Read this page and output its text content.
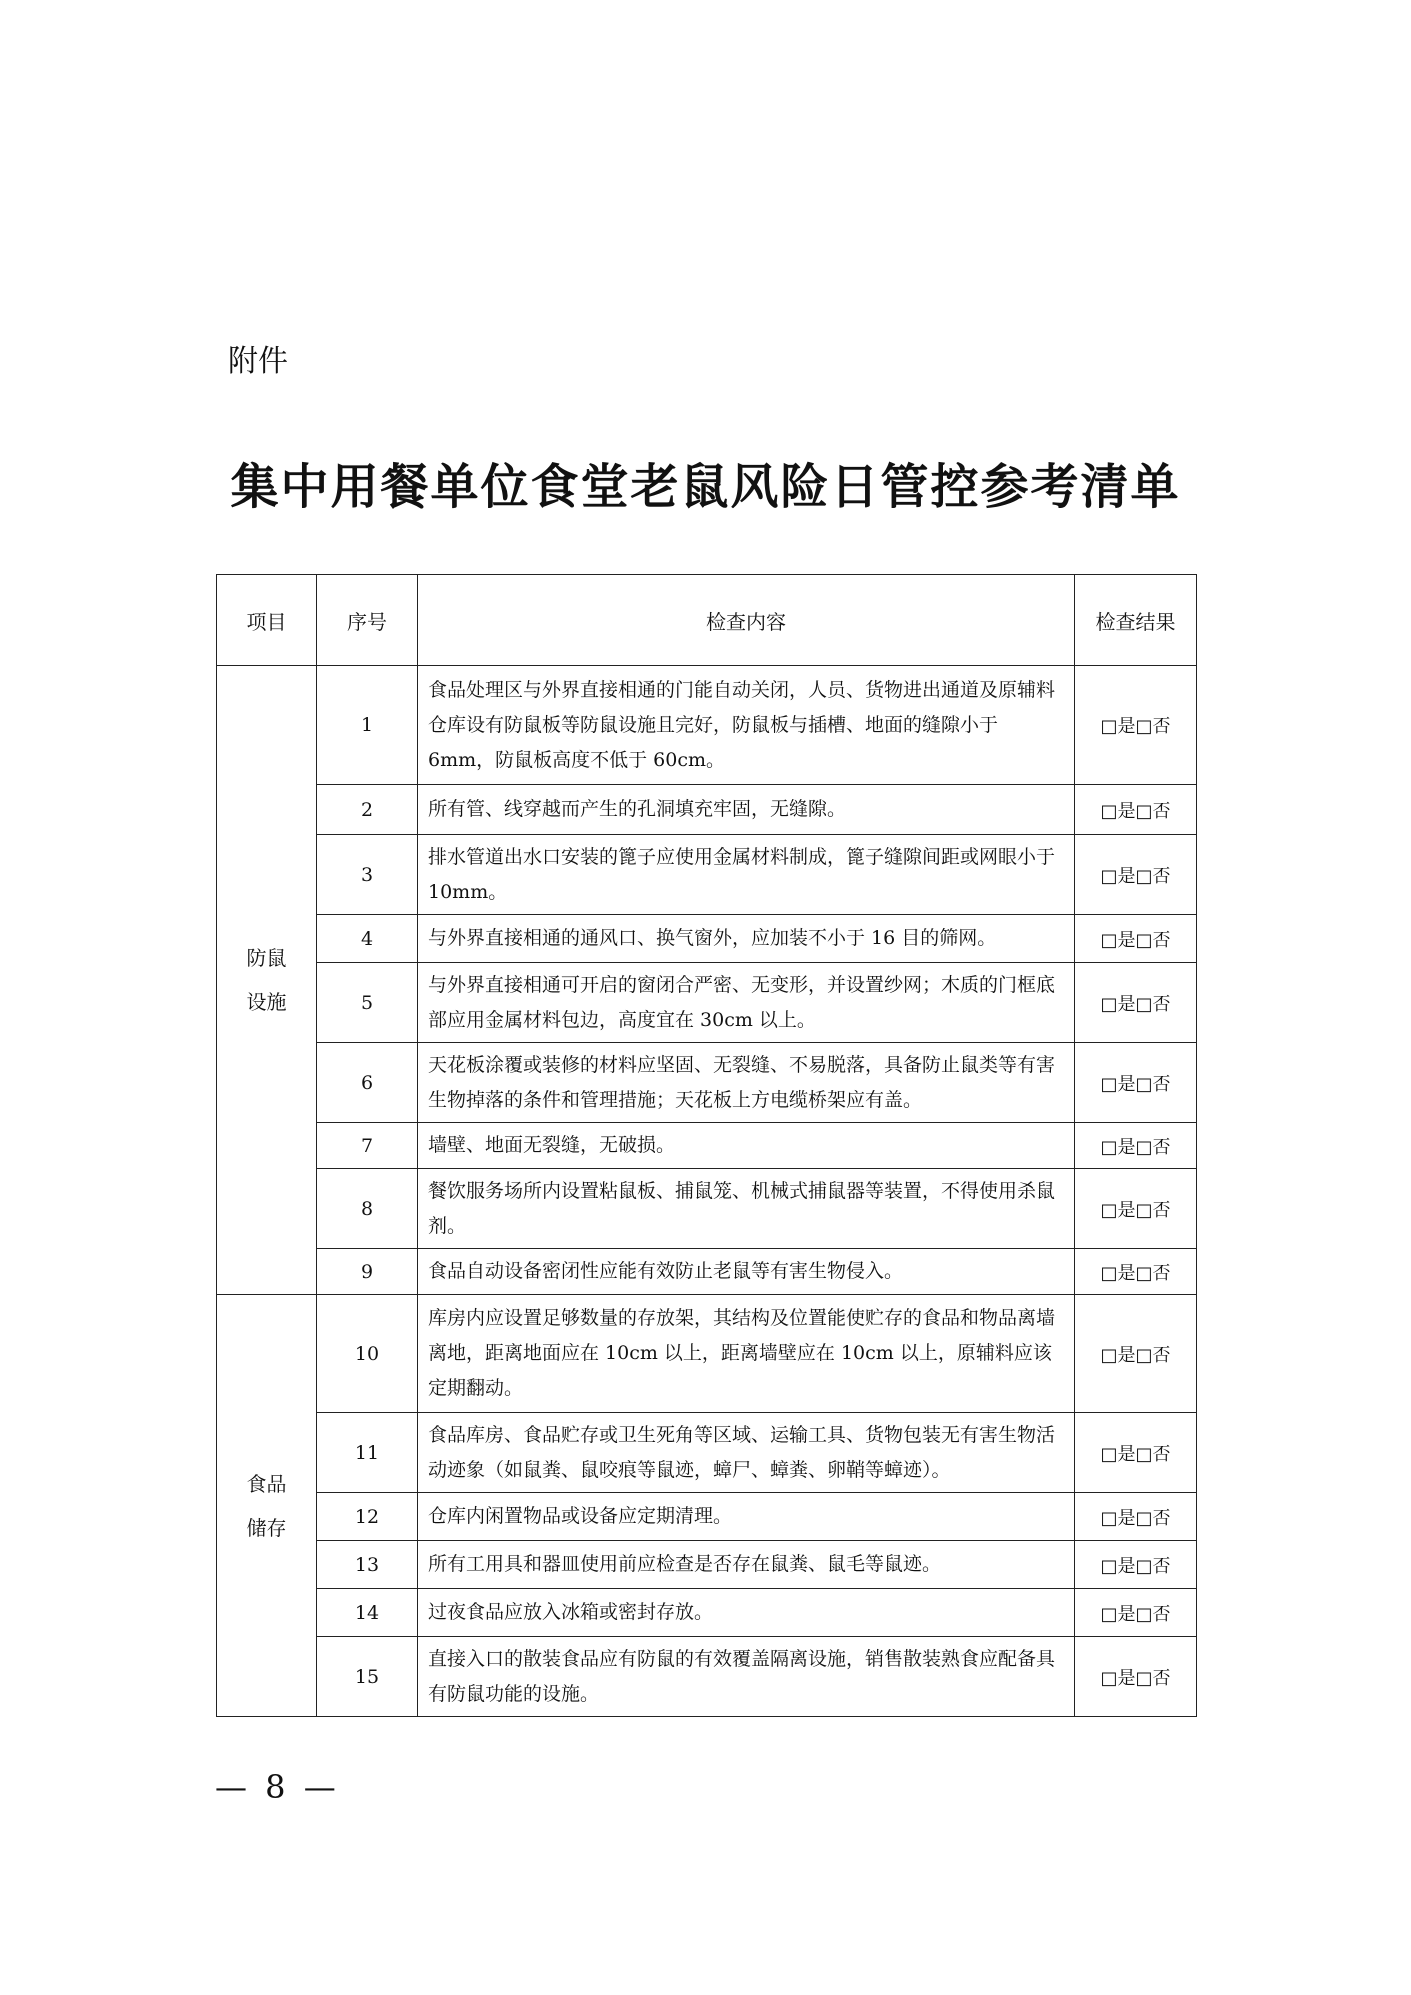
附件
集中用餐单位食堂老鼠风险日管控参考清单
项目	序号	检查内容	检查结果

防鼠设施	1	食品处理区与外界直接相通的门能自动关闭，人员、货物进出通道及原辅料仓库设有防鼠板等防鼠设施且完好，防鼠板与插槽、地面的缝隙小于 6mm，防鼠板高度不低于 60cm。	□是□否
	2	所有管、线穿越而产生的孔洞填充牢固，无缝隙。	□是□否
	3	排水管道出水口安装的篦子应使用金属材料制成，篦子缝隙间距或网眼小于 10mm。	□是□否
	4	与外界直接相通的通风口、换气窗外，应加装不小于 16 目的筛网。	□是□否
	5	与外界直接相通可开启的窗闭合严密、无变形，并设置纱网；木质的门框底部应用金属材料包边，高度宜在 30cm 以上。	□是□否
	6	天花板涂覆或装修的材料应坚固、无裂缝、不易脱落，具备防止鼠类等有害生物掉落的条件和管理措施；天花板上方电缆桥架应有盖。	□是□否
	7	墙壁、地面无裂缝，无破损。	□是□否
	8	餐饮服务场所内设置粘鼠板、捕鼠笼、机械式捕鼠器等装置，不得使用杀鼠剂。	□是□否
	9	食品自动设备密闭性应能有效防止老鼠等有害生物侵入。	□是□否

食品储存	10	库房内应设置足够数量的存放架，其结构及位置能使贮存的食品和物品离墙离地，距离地面应在 10cm 以上，距离墙壁应在 10cm 以上，原辅料应该定期翻动。	□是□否
	11	食品库房、食品贮存或卫生死角等区域、运输工具、货物包装无有害生物活动迹象（如鼠粪、鼠咬痕等鼠迹，蟑尸、蟑粪、卵鞘等蟑迹）。	□是□否
	12	仓库内闲置物品或设备应定期清理。	□是□否
	13	所有工用具和器皿使用前应检查是否存在鼠粪、鼠毛等鼠迹。	□是□否
	14	过夜食品应放入冰箱或密封存放。	□是□否
	15	直接入口的散装食品应有防鼠的有效覆盖隔离设施，销售散装熟食应配备具有防鼠功能的设施。	□是□否
— 8 —
